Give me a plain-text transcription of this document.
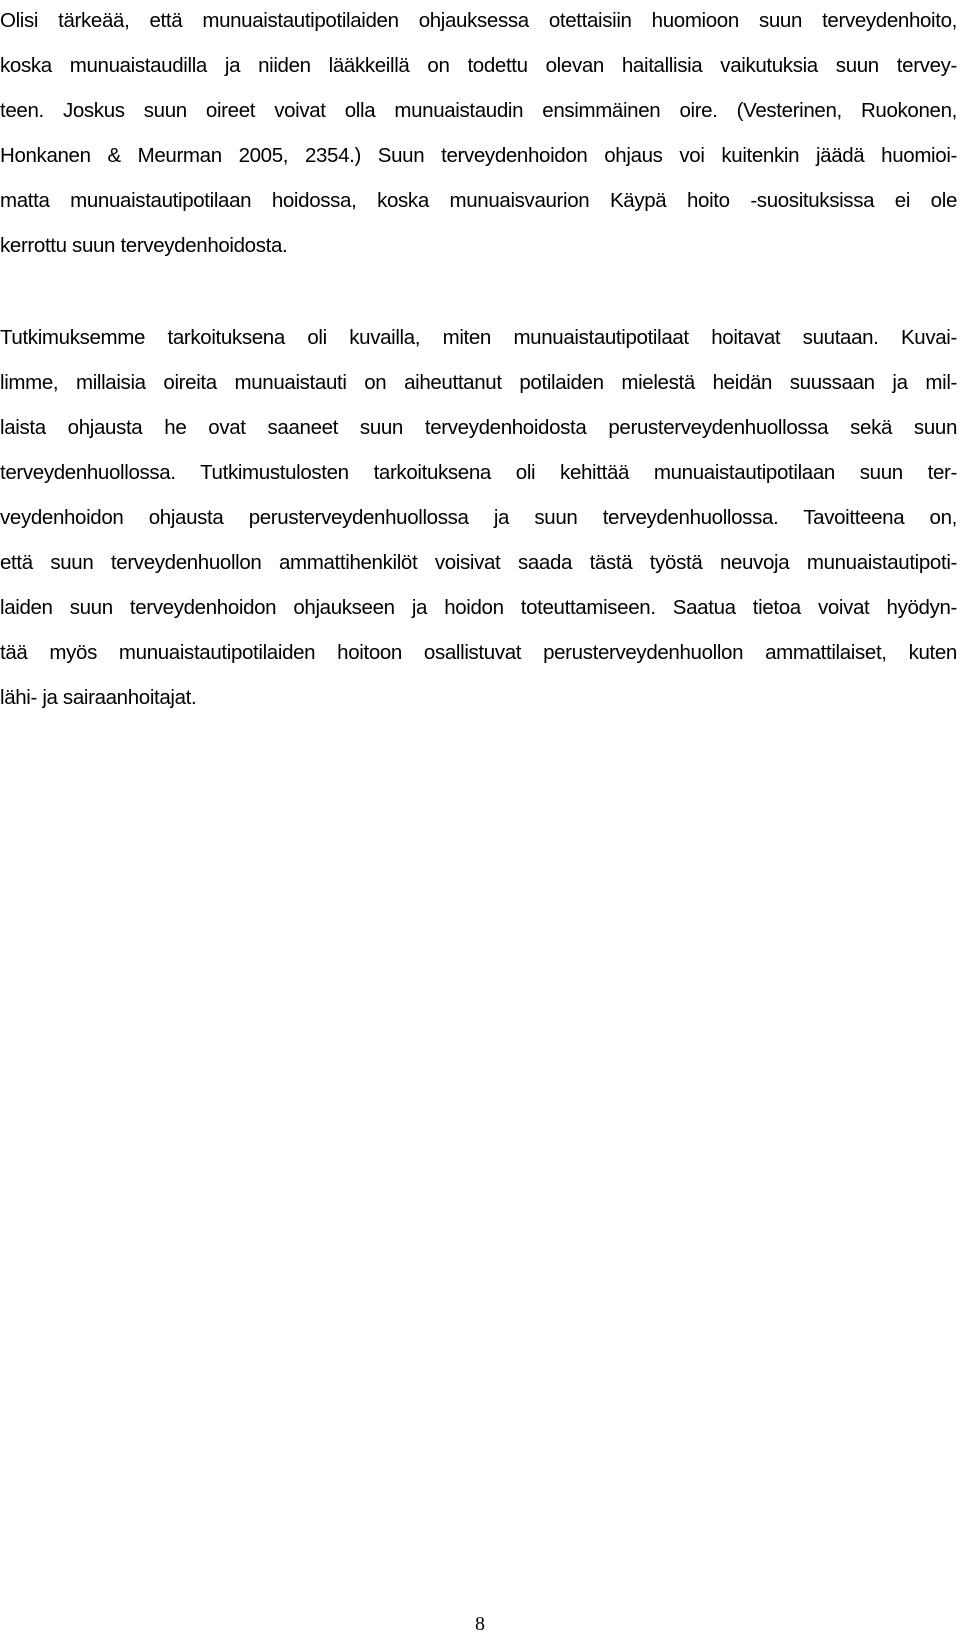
Olisi tärkeää, että munuaistautipotilaiden ohjauksessa otettaisiin huomioon suun terveydenhoito,
koska munuaistaudilla ja niiden lääkkeillä on todettu olevan haitallisia vaikutuksia suun tervey-
teen. Joskus suun oireet voivat olla munuaistaudin ensimmäinen oire. (Vesterinen, Ruokonen,
Honkanen & Meurman 2005, 2354.) Suun terveydenhoidon ohjaus voi kuitenkin jäädä huomioi-
matta munuaistautipotilaan hoidossa, koska munuaisvaurion Käypä hoito -suosituksissa ei ole
kerrottu suun terveydenhoidosta.

Tutkimuksemme tarkoituksena oli kuvailla, miten munuaistautipotilaat hoitavat suutaan. Kuvai-
limme, millaisia oireita munuaistauti on aiheuttanut potilaiden mielestä heidän suussaan ja mil-
laista ohjausta he ovat saaneet suun terveydenhoidosta perusterveydenhuollossa sekä suun
terveydenhuollossa. Tutkimustulosten tarkoituksena oli kehittää munuaistautipotilaan suun ter-
veydenhoidon ohjausta perusterveydenhuollossa ja suun terveydenhuollossa. Tavoitteena on,
että suun terveydenhuollon ammattihenkilöt voisivat saada tästä työstä neuvoja munuaistautipoti-
laiden suun terveydenhoidon ohjaukseen ja hoidon toteuttamiseen. Saatua tietoa voivat hyödyn-
tää myös munuaistautipotilaiden hoitoon osallistuvat perusterveydenhuollon ammattilaiset, kuten
lähi- ja sairaanhoitajat.

8
